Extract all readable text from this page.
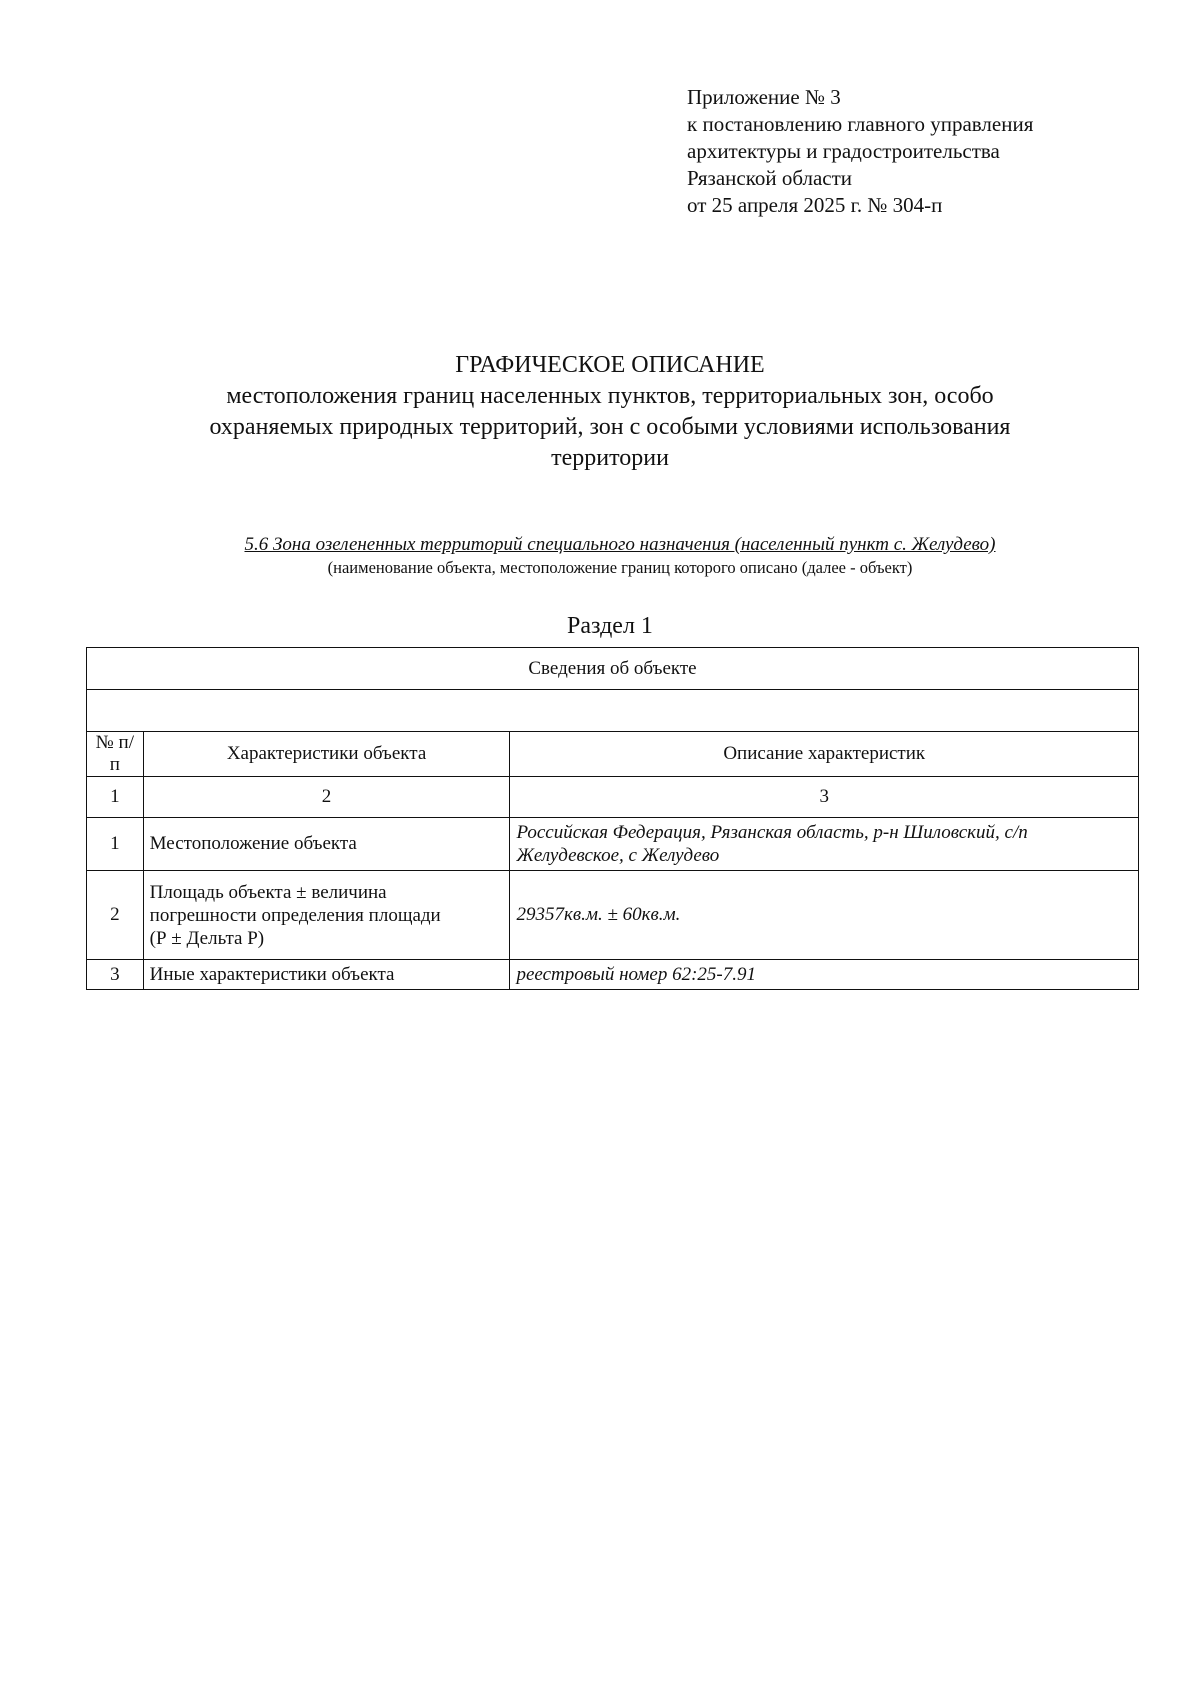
Приложение № 3
к постановлению главного управления
архитектуры и градостроительства
Рязанской области
от 25 апреля 2025 г. № 304-п
ГРАФИЧЕСКОЕ ОПИСАНИЕ
местоположения границ населенных пунктов, территориальных зон, особо
охраняемых природных территорий, зон с особыми условиями использования
территории
5.6 Зона озелененных территорий специального назначения (населенный пункт с. Желудево)
(наименование объекта, местоположение границ которого описано (далее - объект)
Раздел 1
Сведения об объекте		

№ п/п	Характеристики объекта	Описание характеристик
1	2	3
1	Местоположение объекта	Российская Федерация, Рязанская область, р-н Шиловский, с/п
Желудевское, с Желудево

2	Площадь объекта ± величина
погрешности определения площади
(Р ± Дельта Р)	29357кв.м. ± 60кв.м.
3	Иные характеристики объекта	реестровый номер 62:25-7.91
